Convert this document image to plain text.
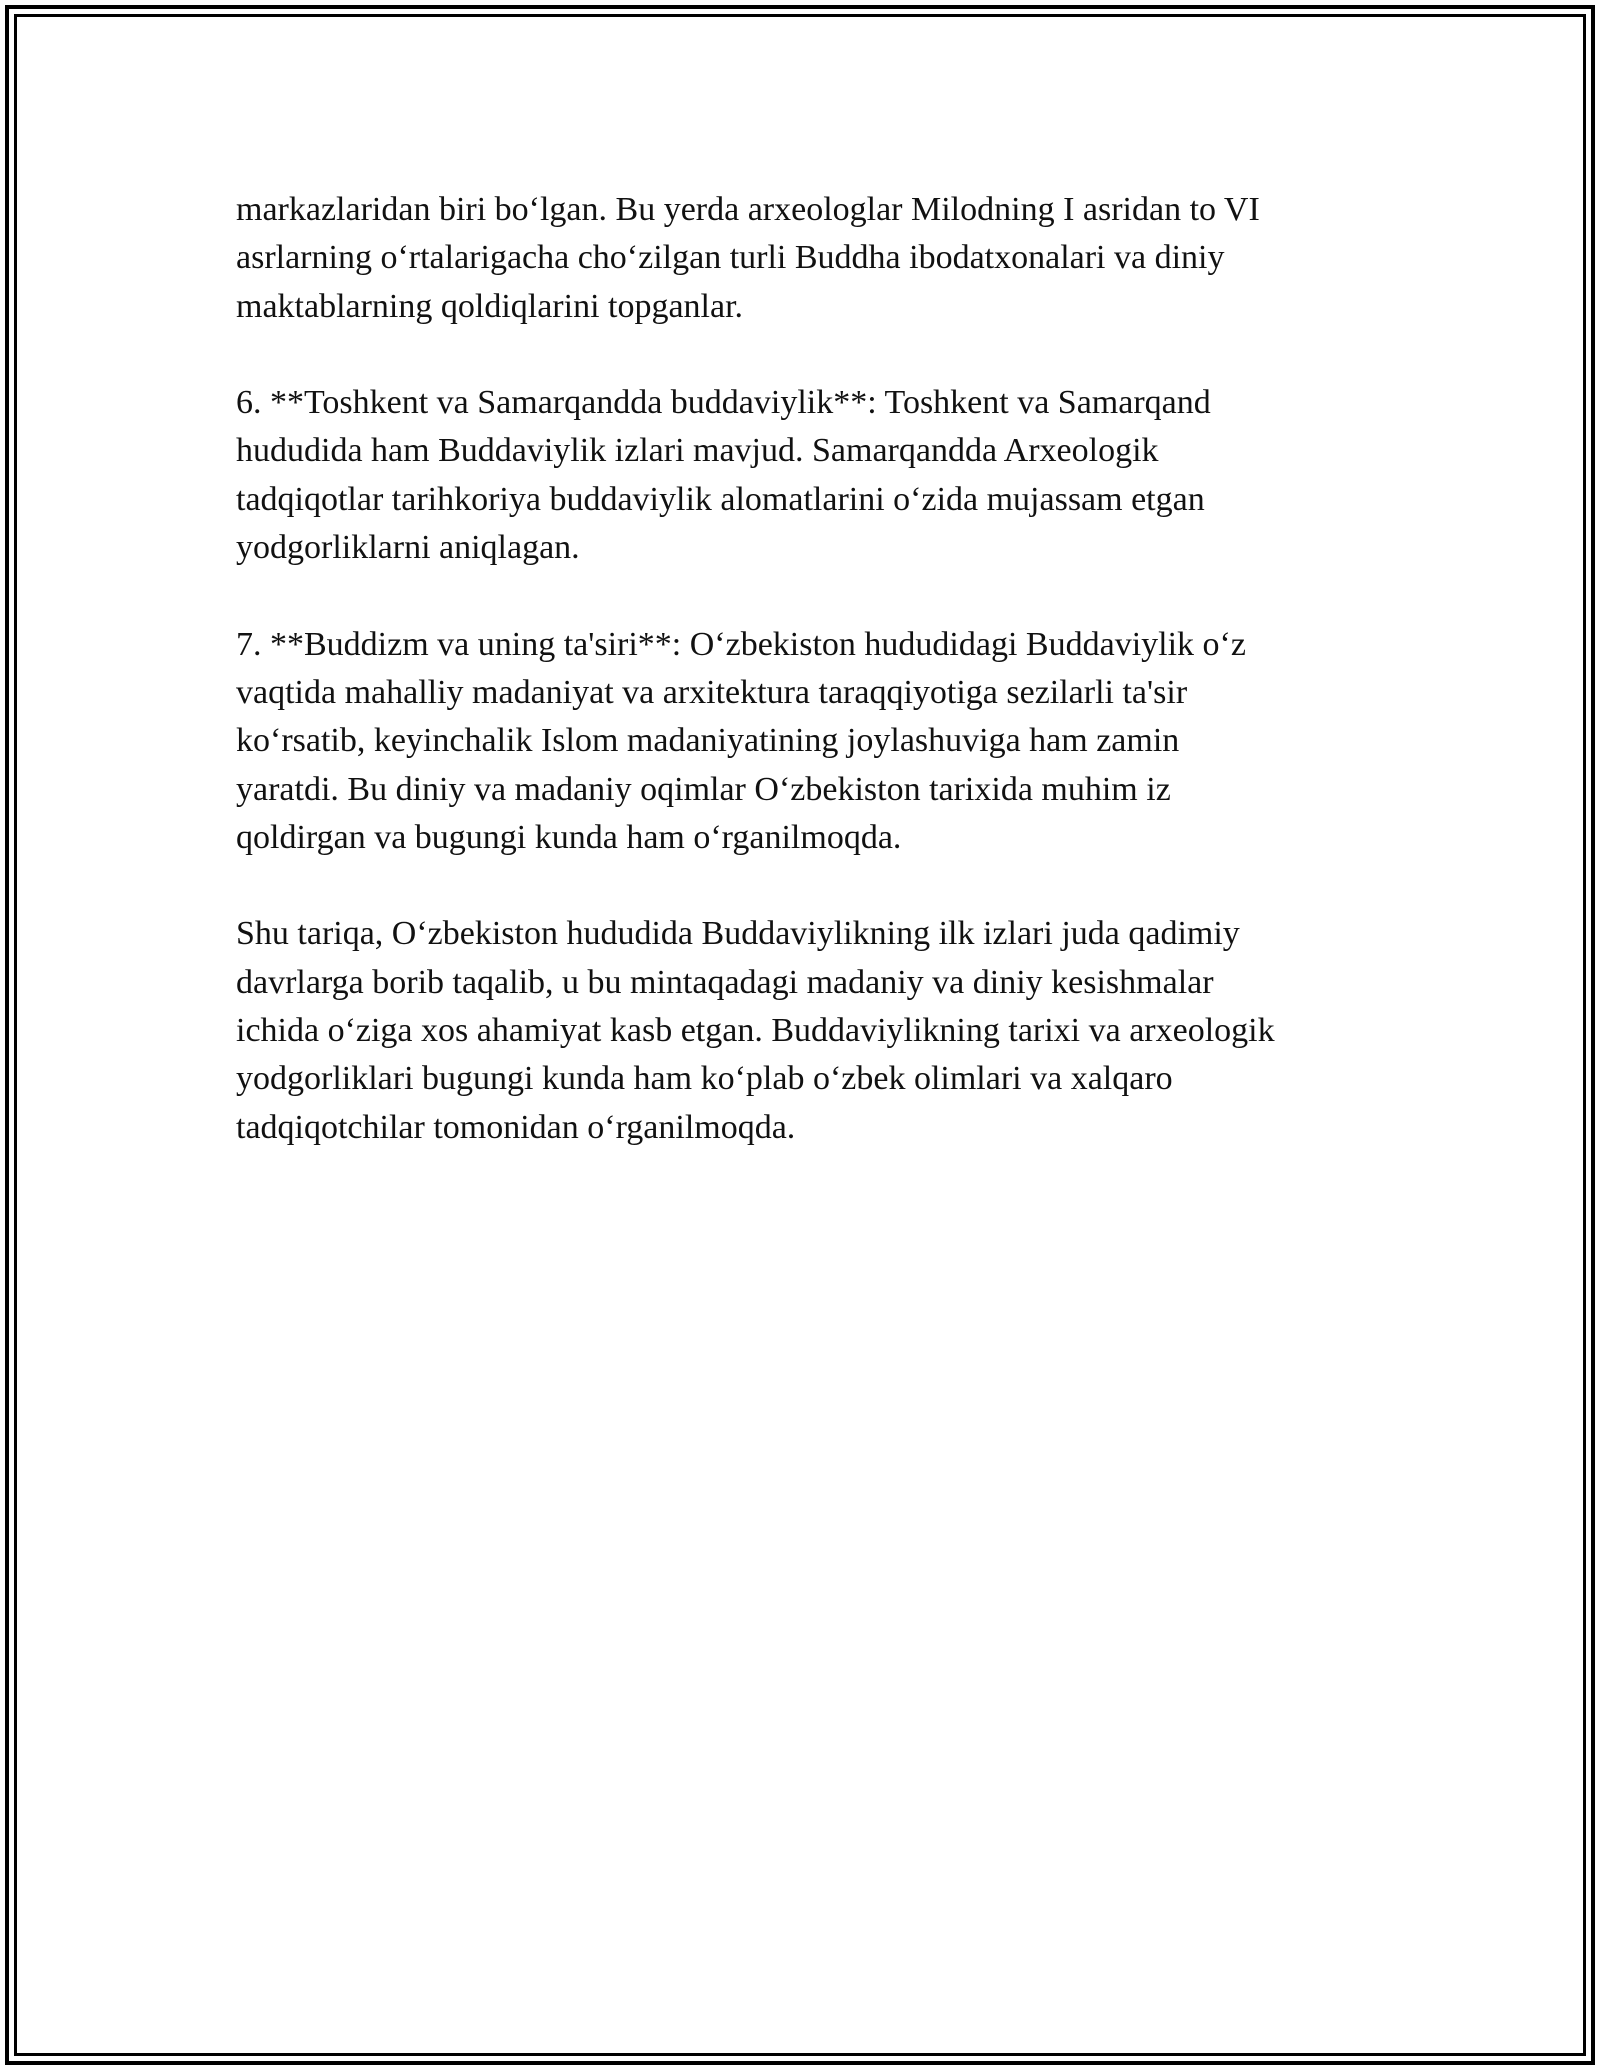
markazlaridan biri bo‘lgan. Bu yerda arxeologlar Milodning I asridan to VI
asrlarning o‘rtalarigacha cho‘zilgan turli Buddha ibodatxonalari va diniy
maktablarning qoldiqlarini topganlar.

6. **Toshkent va Samarqandda buddaviylik**: Toshkent va Samarqand
hududida ham Buddaviylik izlari mavjud. Samarqandda Arxeologik
tadqiqotlar tarihkoriya buddaviylik alomatlarini o‘zida mujassam etgan
yodgorliklarni aniqlagan.

7. **Buddizm va uning ta'siri**: O‘zbekiston hududidagi Buddaviylik o‘z
vaqtida mahalliy madaniyat va arxitektura taraqqiyotiga sezilarli ta'sir
ko‘rsatib, keyinchalik Islom madaniyatining joylashuviga ham zamin
yaratdi. Bu diniy va madaniy oqimlar O‘zbekiston tarixida muhim iz
qoldirgan va bugungi kunda ham o‘rganilmoqda.

Shu tariqa, O‘zbekiston hududida Buddaviylikning ilk izlari juda qadimiy
davrlarga borib taqalib, u bu mintaqadagi madaniy va diniy kesishmalar
ichida o‘ziga xos ahamiyat kasb etgan. Buddaviylikning tarixi va arxeologik
yodgorliklari bugungi kunda ham ko‘plab o‘zbek olimlari va xalqaro
tadqiqotchilar tomonidan o‘rganilmoqda.
